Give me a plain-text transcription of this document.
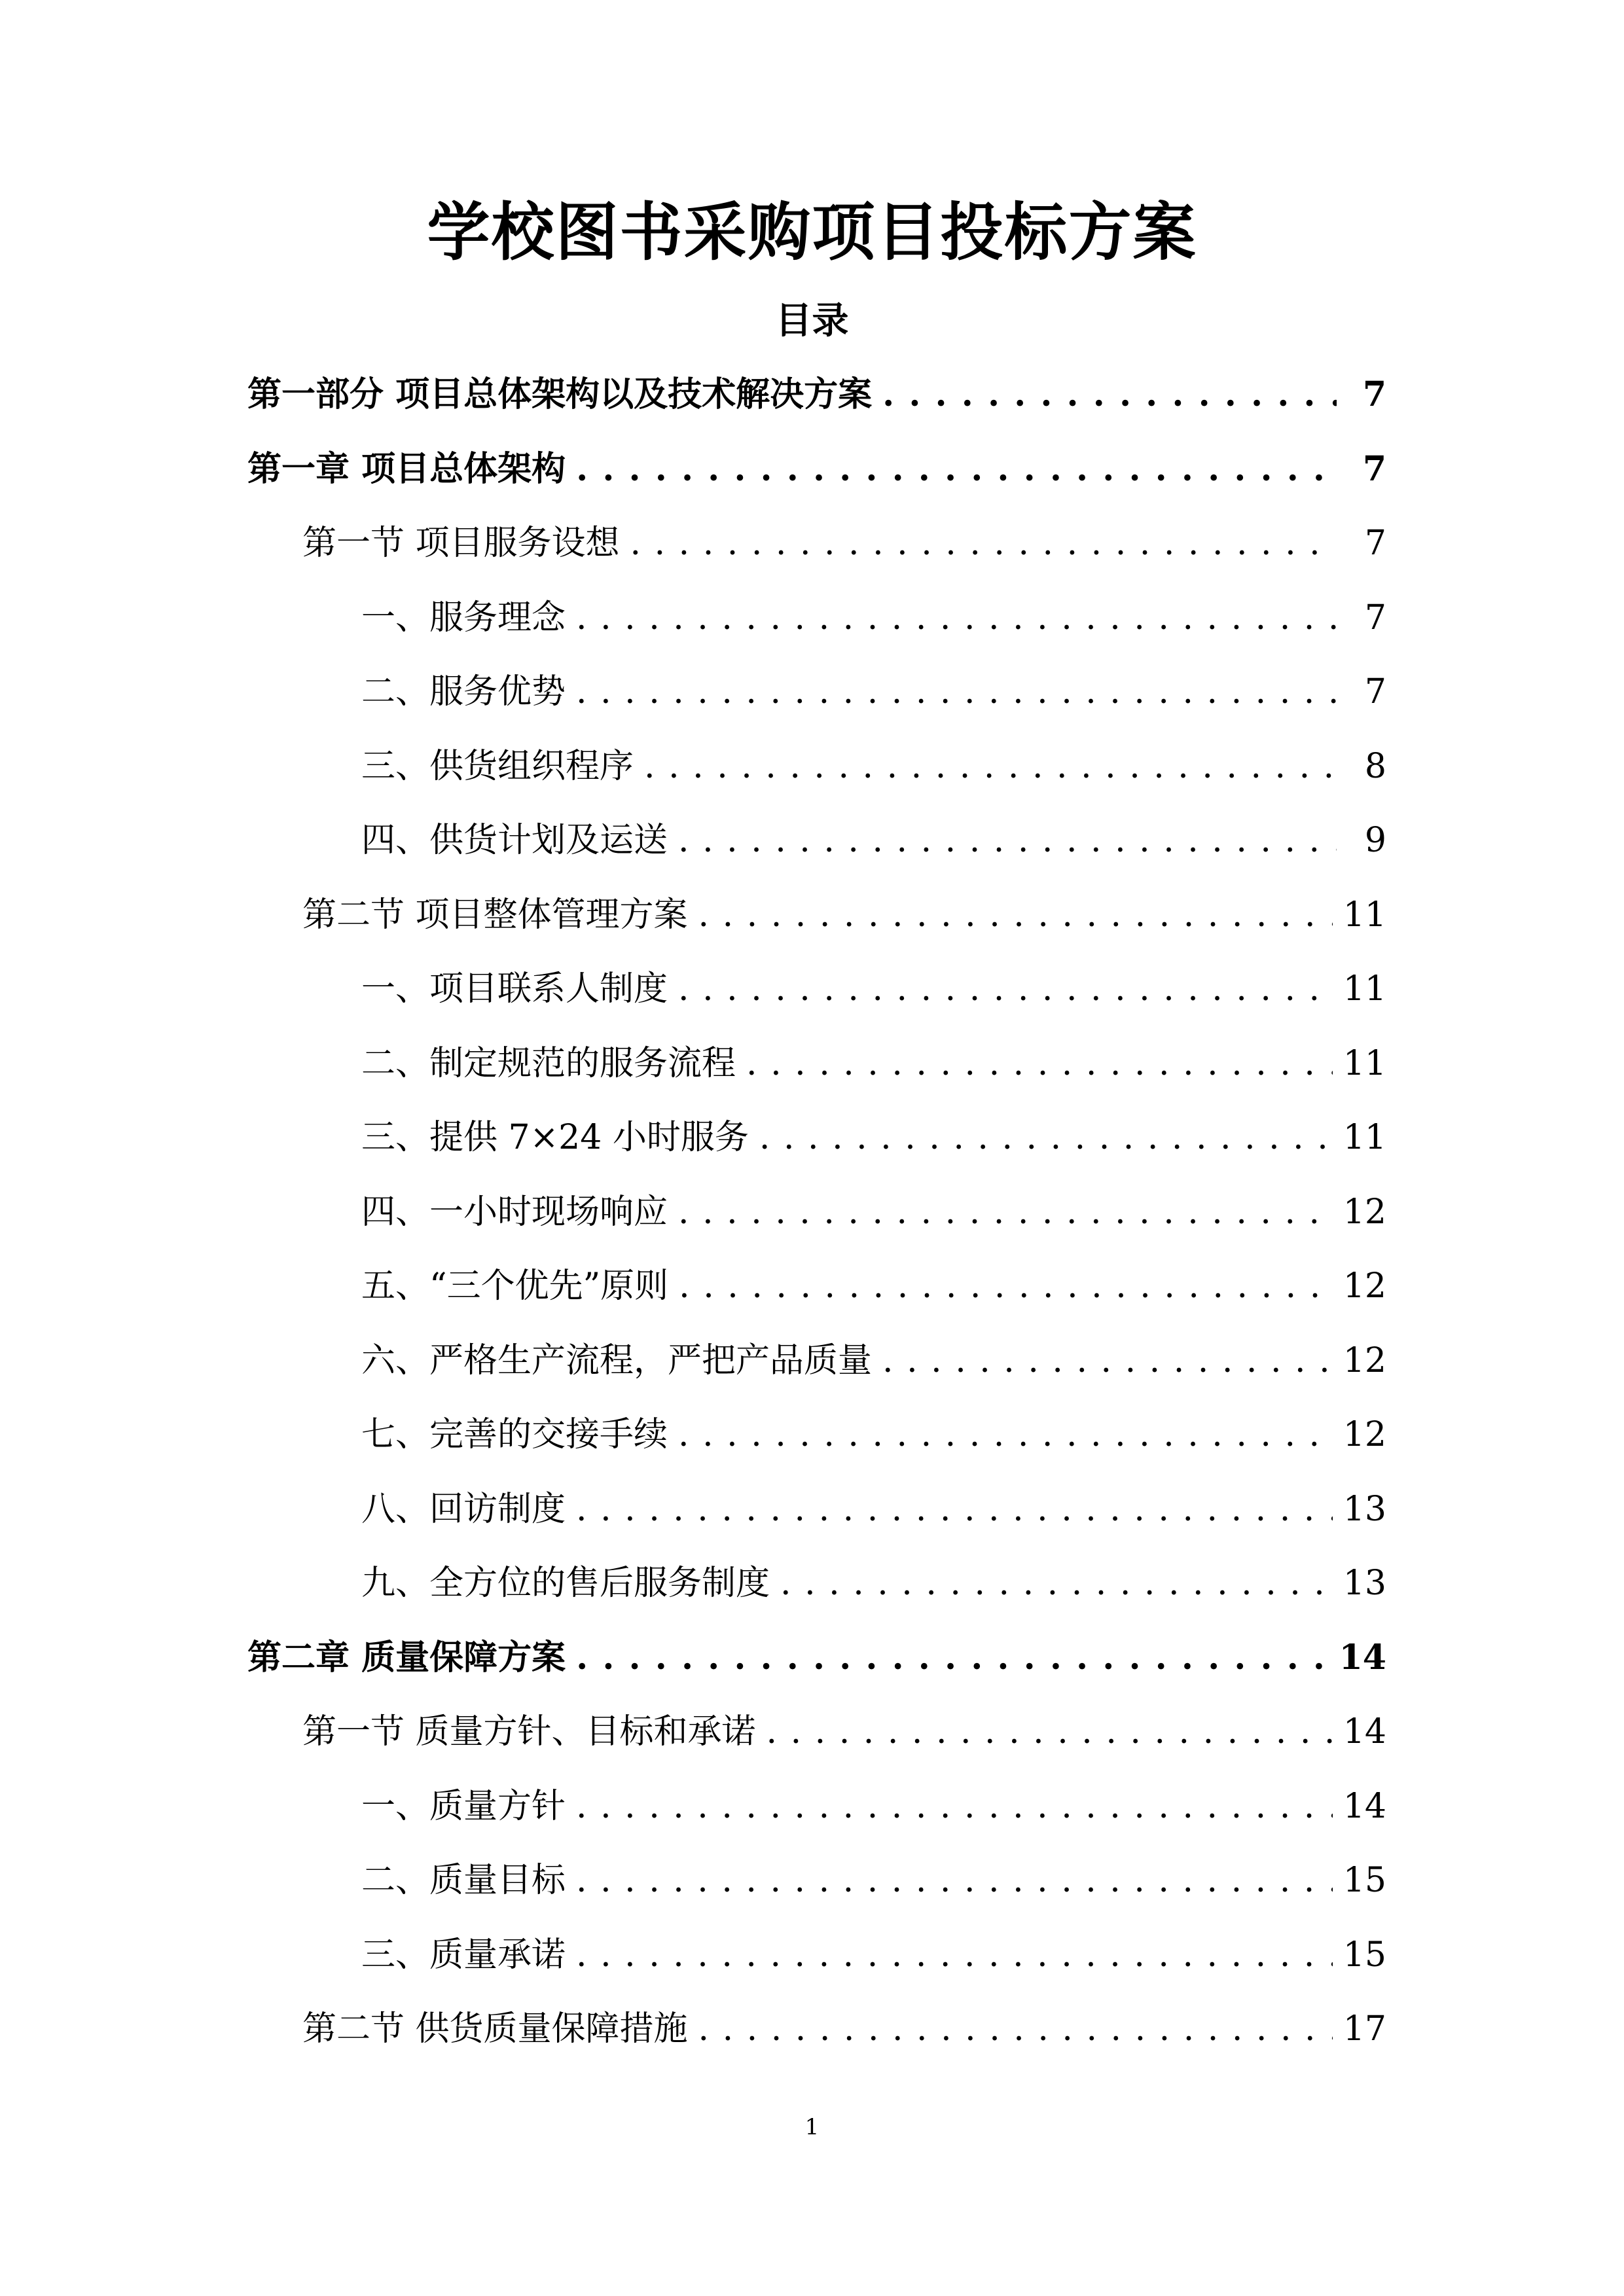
学校图书采购项目投标方案
目录
第一部分 项目总体架构以及技术解决方案 . . .	7
第一章 项目总体架构 . . .	7
第一节 项目服务设想 . . .	7
一、服务理念 . . .	7
二、服务优势 . . .	7
三、供货组织程序 . . .	8
四、供货计划及运送 . . .	9
第二节 项目整体管理方案 . . .	11
一、项目联系人制度 . . .	11
二、制定规范的服务流程 . . .	11
三、提供 7×24 小时服务 . . .	11
四、一小时现场响应 . . .	12
五、“三个优先”原则 . . .	12
六、严格生产流程，严把产品质量 . . .	12
七、完善的交接手续 . . .	12
八、回访制度 . . .	13
九、全方位的售后服务制度 . . .	13
第二章 质量保障方案 . . .	14
第一节 质量方针、目标和承诺 . . .	14
一、质量方针 . . .	14
二、质量目标 . . .	15
三、质量承诺 . . .	15
第二节 供货质量保障措施 . . .	17
1
